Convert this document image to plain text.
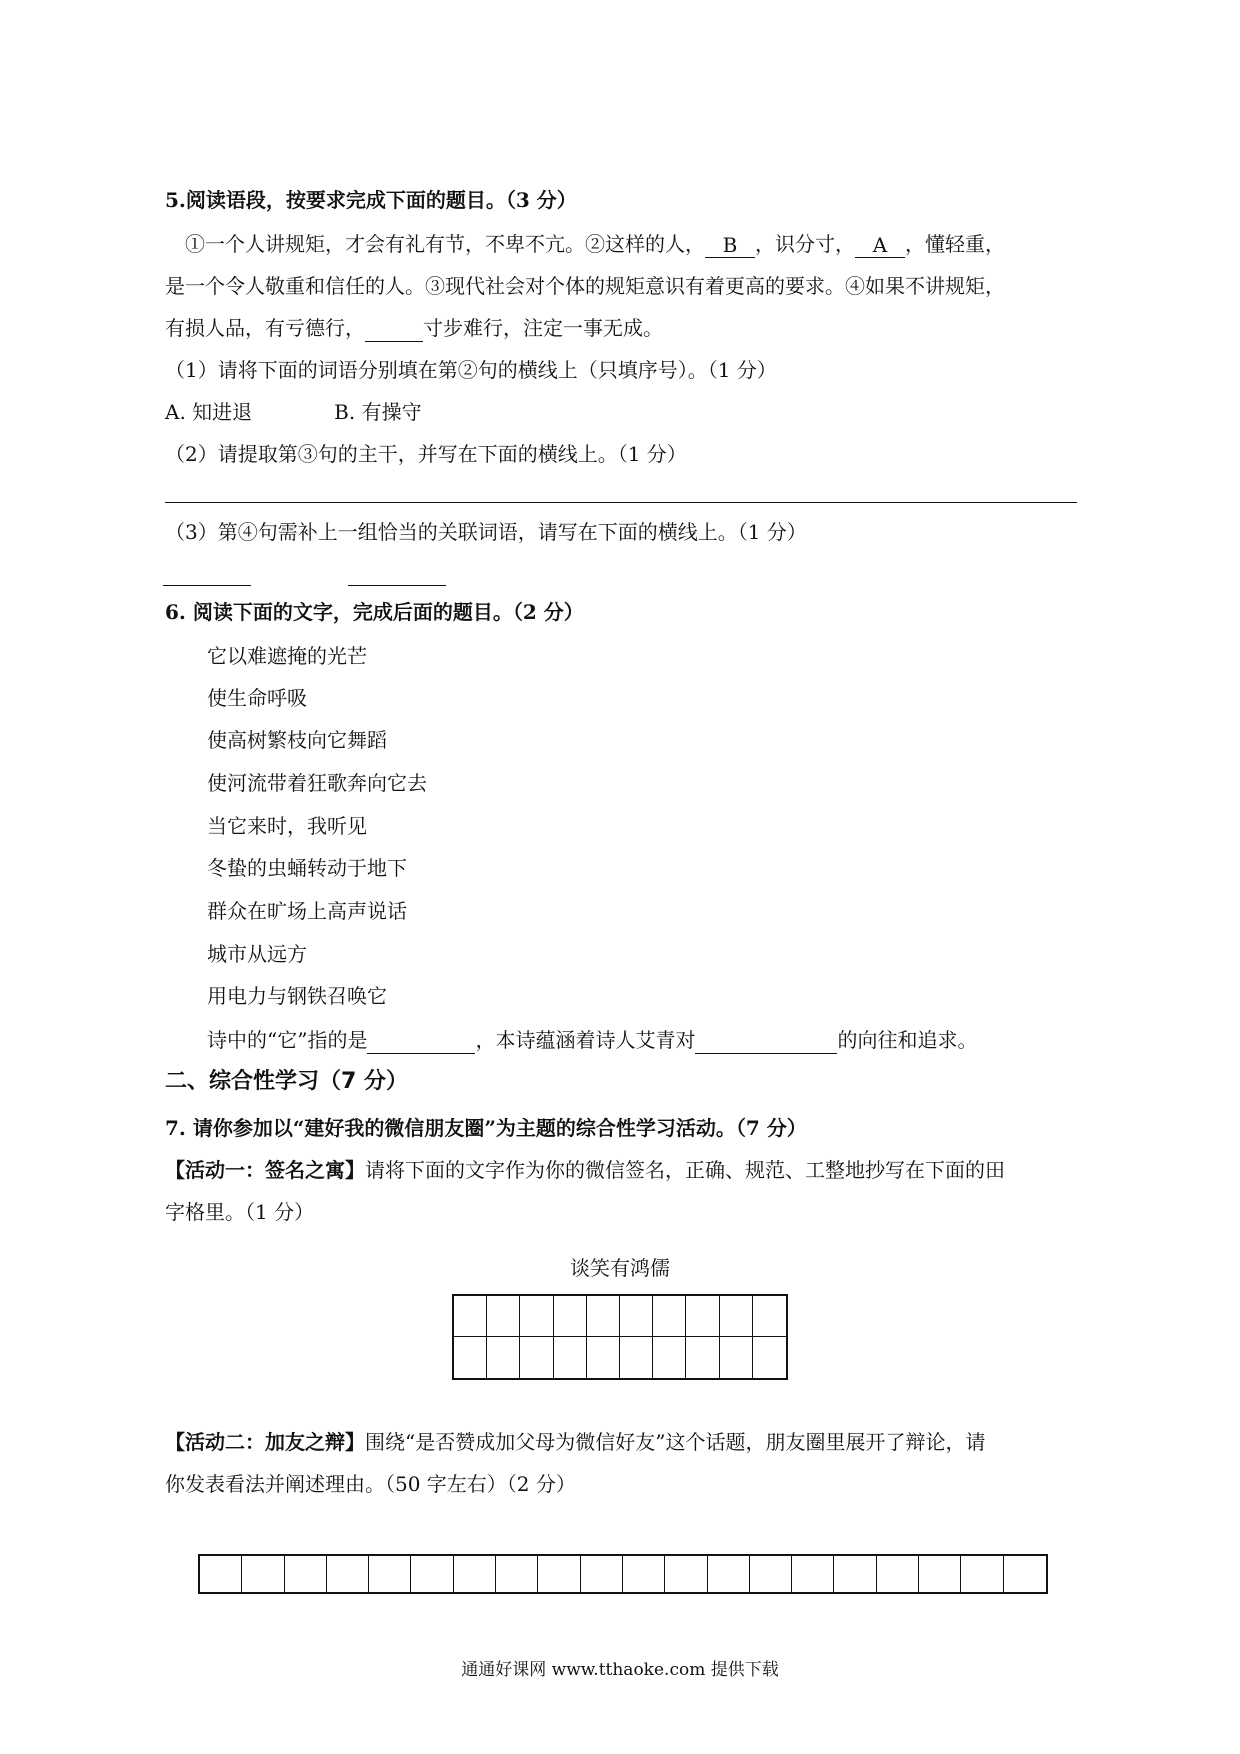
5.阅读语段，按要求完成下面的题目。（3 分）
　①一个人讲规矩，才会有礼有节，不卑不亢。②这样的人， B ，识分寸， A ，懂轻重，
是一个令人敬重和信任的人。③现代社会对个体的规矩意识有着更高的要求。④如果不讲规矩，
有损人品，有亏德行，	寸步难行，注定一事无成。
（1）请将下面的词语分别填在第②句的横线上（只填序号）。（1 分）
A. 知进退	B. 有操守
（2）请提取第③句的主干，并写在下面的横线上。（1 分）
（3）第④句需补上一组恰当的关联词语，请写在下面的横线上。（1 分）
6. 阅读下面的文字，完成后面的题目。（2 分）
它以难遮掩的光芒
使生命呼吸
使高树繁枝向它舞蹈
使河流带着狂歌奔向它去
当它来时，我听见
冬蛰的虫蛹转动于地下
群众在旷场上高声说话
城市从远方
用电力与钢铁召唤它
诗中的“它”指的是	，本诗蕴涵着诗人艾青对	的向往和追求。
二、综合性学习（7 分）
7. 请你参加以“建好我的微信朋友圈”为主题的综合性学习活动。（7 分）
【活动一：签名之寓】请将下面的文字作为你的微信签名，正确、规范、工整地抄写在下面的田
字格里。（1 分）
谈笑有鸿儒
【活动二：加友之辩】围绕“是否赞成加父母为微信好友”这个话题，朋友圈里展开了辩论，请
你发表看法并阐述理由。（50 字左右）（2 分）
通通好课网 www.tthaoke.com 提供下载
